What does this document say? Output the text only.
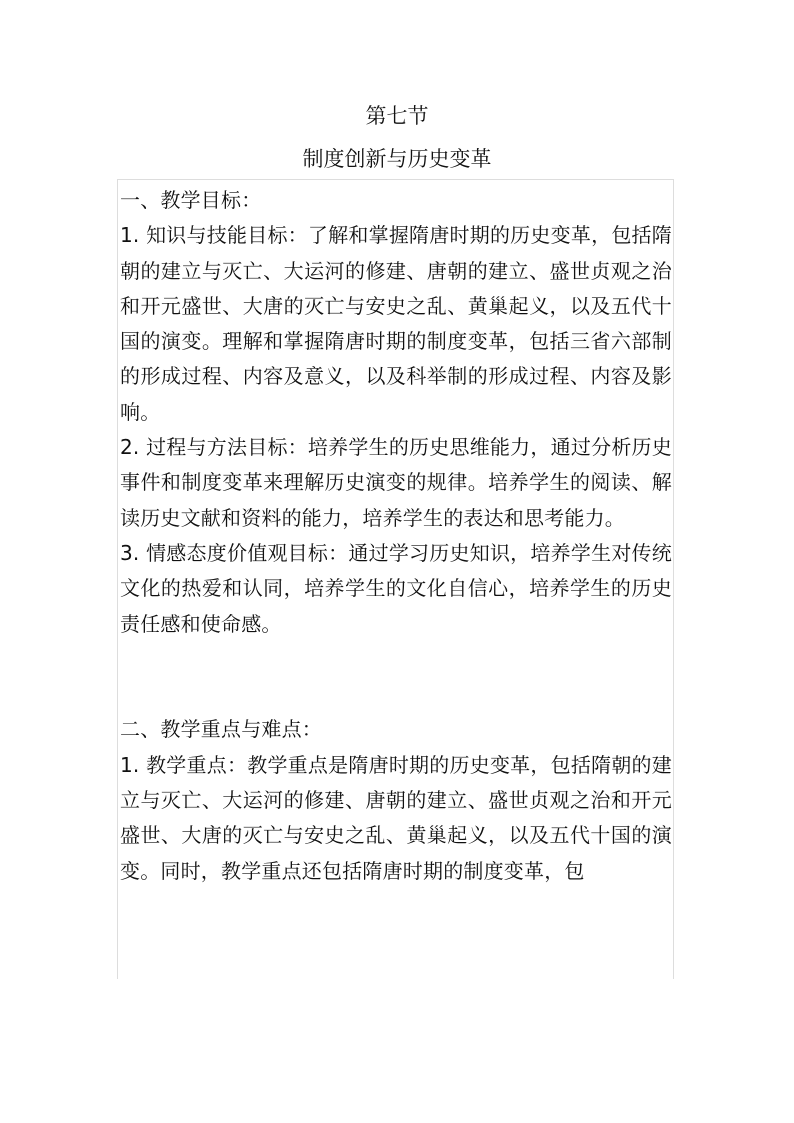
第七节
制度创新与历史变革

一、教学目标：

1. 知识与技能目标：了解和掌握隋唐时期的历史变革，包括隋朝的建立与灭亡、大运河的修建、唐朝的建立、盛世贞观之治和开元盛世、大唐的灭亡与安史之乱、黄巢起义，以及五代十国的演变。理解和掌握隋唐时期的制度变革，包括三省六部制的形成过程、内容及意义，以及科举制的形成过程、内容及影响。

2. 过程与方法目标：培养学生的历史思维能力，通过分析历史事件和制度变革来理解历史演变的规律。培养学生的阅读、解读历史文献和资料的能力，培养学生的表达和思考能力。

3. 情感态度价值观目标：通过学习历史知识，培养学生对传统文化的热爱和认同，培养学生的文化自信心，培养学生的历史责任感和使命感。

二、教学重点与难点：

1. 教学重点：教学重点是隋唐时期的历史变革，包括隋朝的建立与灭亡、大运河的修建、唐朝的建立、盛世贞观之治和开元盛世、大唐的灭亡与安史之乱、黄巢起义，以及五代十国的演变。同时，教学重点还包括隋唐时期的制度变革，包
